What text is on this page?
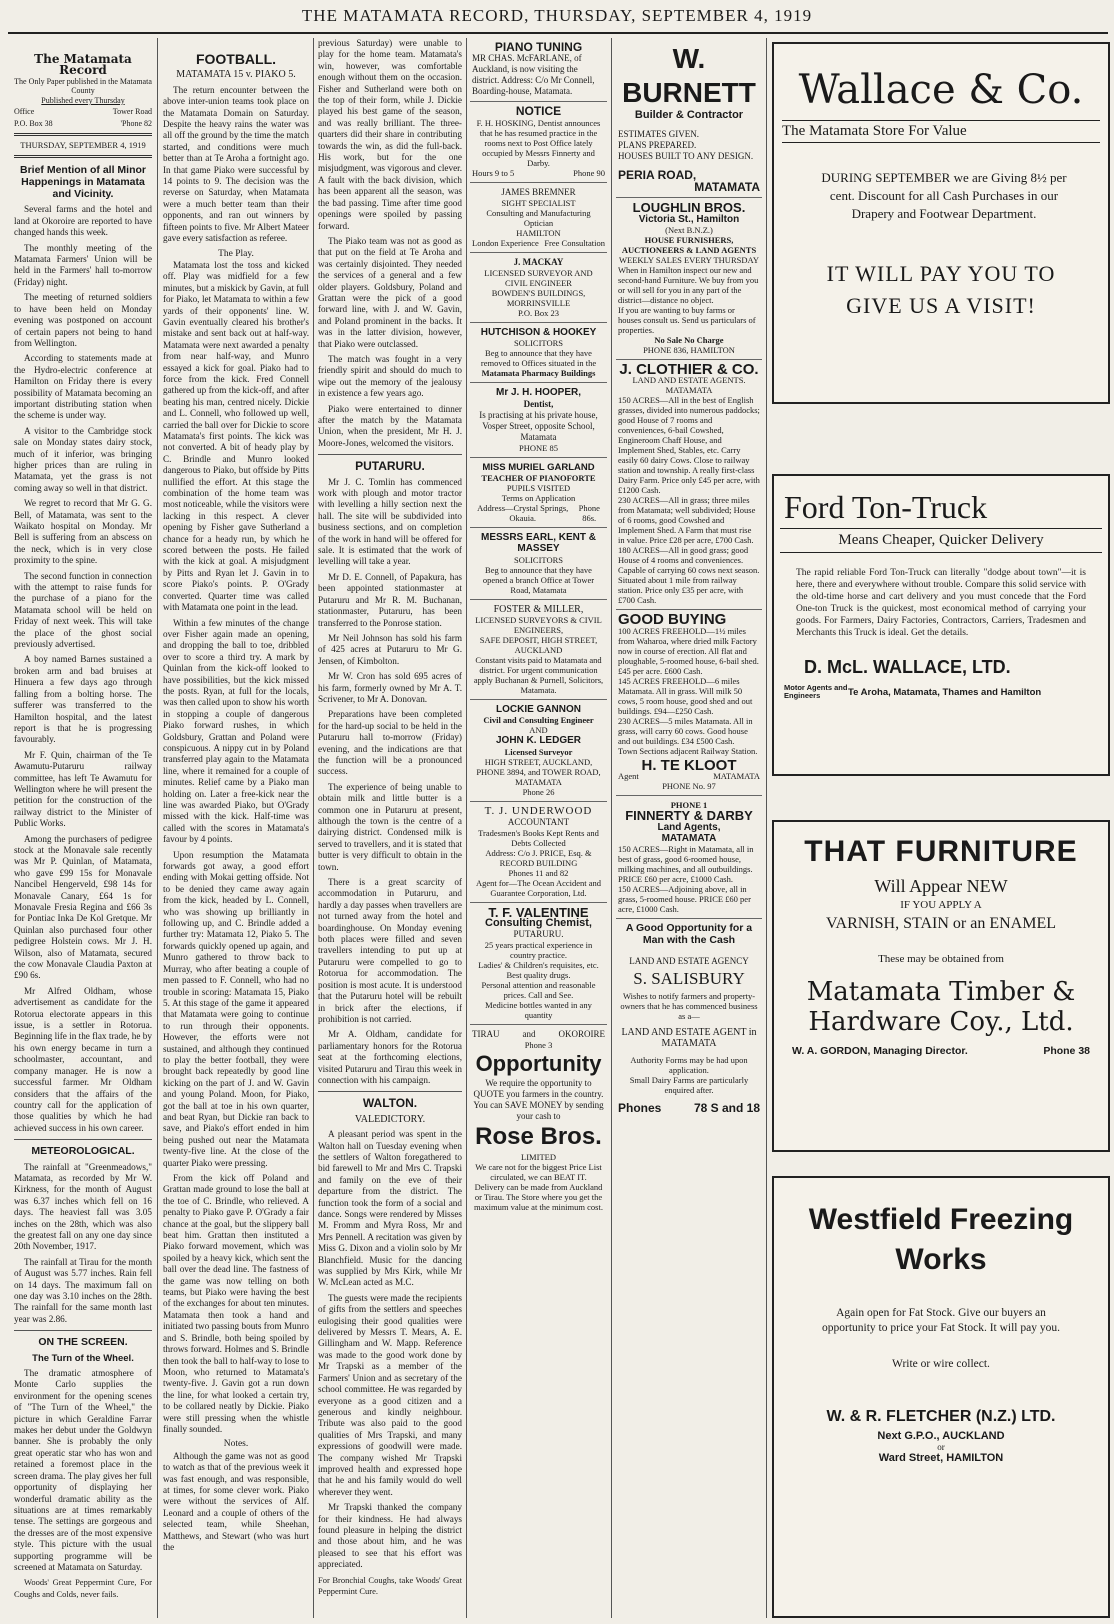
THE MATAMATA RECORD, THURSDAY, SEPTEMBER 4, 1919
The Matamata Record
The Only Paper published in the Matamata County
Published every Thursday
Office	Tower Road
P.O. Box 38	'Phone 82
THURSDAY, SEPTEMBER 4, 1919
Brief Mention of all Minor Happenings in Matamata and Vicinity.

Several farms and the hotel and land at Okoroire are reported to have changed hands this week.

The monthly meeting of the Matamata Farmers' Union will be held in the Farmers' hall to-morrow (Friday) night.

The meeting of returned soldiers to have been held on Monday evening was postponed on account of certain papers not being to hand from Wellington.

According to statements made at the Hydro-electric conference at Hamilton on Friday there is every possibility of Matamata becoming an important distributing station when the scheme is under way.

A visitor to the Cambridge stock sale on Monday states dairy stock, much of it inferior, was bringing higher prices than are ruling in Matamata, yet the grass is not coming away so well in that district.

We regret to record that Mr G. G. Bell, of Matamata, was sent to the Waikato hospital on Monday. Mr Bell is suffering from an abscess on the neck, which is in very close proximity to the spine.

The second function in connection with the attempt to raise funds for the purchase of a piano for the Matamata school will be held on Friday of next week. This will take the place of the ghost social previously advertised.

A boy named Barnes sustained a broken arm and bad bruises at Hinuera a few days ago through falling from a bolting horse. The sufferer was transferred to the Hamilton hospital, and the latest report is that he is progressing favourably.

Mr F. Quin, chairman of the Te Awamutu-Putaruru railway committee, has left Te Awamutu for Wellington where he will present the petition for the construction of the railway district to the Minister of Public Works.

Among the purchasers of pedigree stock at the Monavale sale recently was Mr P. Quinlan, of Matamata, who gave £99 15s for Monavale Nancibel Hengerveld, £98 14s for Monavale Canary, £64 1s for Monavale Fresia Regina and £66 3s for Pontiac Inka De Kol Gretque. Mr Quinlan also purchased four other pedigree Holstein cows. Mr J. H. Wilson, also of Matamata, secured the cow Monavale Claudia Paxton at £90 6s.

Mr Alfred Oldham, whose advertisement as candidate for the Rotorua electorate appears in this issue, is a settler in Rotorua. Beginning life in the flax trade, he by his own energy became in turn a schoolmaster, accountant, and company manager. He is now a successful farmer. Mr Oldham considers that the affairs of the country call for the application of those qualities by which he had achieved success in his own career.

METEOROLOGICAL.

The rainfall at "Greenmeadows," Matamata, as recorded by Mr W. Kirkness, for the month of August was 6.37 inches which fell on 16 days. The heaviest fall was 3.05 inches on the 28th, which was also the greatest fall on any one day since 20th November, 1917.

The rainfall at Tirau for the month of August was 5.77 inches. Rain fell on 14 days. The maximum fall on one day was 3.10 inches on the 28th. The rainfall for the same month last year was 2.86.

ON THE SCREEN.
The Turn of the Wheel.

The dramatic atmosphere of Monte Carlo supplies the environment for the opening scenes of "The Turn of the Wheel," the picture in which Geraldine Farrar makes her debut under the Goldwyn banner. She is probably the only great operatic star who has won and retained a foremost place in the screen drama. The play gives her full opportunity of displaying her wonderful dramatic ability as the situations are at times remarkably tense. The settings are gorgeous and the dresses are of the most expensive style. This picture with the usual supporting programme will be screened at Matamata on Saturday.

Woods' Great Peppermint Cure, For Coughs and Colds, never fails.

FOOTBALL.
MATAMATA 15 v. PIAKO 5.

The return encounter between the above inter-union teams took place on the Matamata Domain on Saturday. Despite the heavy rains the water was all off the ground by the time the match started, and conditions were much better than at Te Aroha a fortnight ago. In that game Piako were successful by 14 points to 9. The decision was the reverse on Saturday, when Matamata were a much better team than their opponents, and ran out winners by fifteen points to five. Mr Albert Mateer gave every satisfaction as referee.

The Play.

Matamata lost the toss and kicked off. Play was midfield for a few minutes, but a miskick by Gavin, at full for Piako, let Matamata to within a few yards of their opponents' line. W. Gavin eventually cleared his brother's mistake and sent back out at half-way. Matamata were next awarded a penalty from near half-way, and Munro essayed a kick for goal. Piako had to force from the kick. Fred Connell gathered up from the kick-off, and after beating his man, centred nicely. Dickie and L. Connell, who followed up well, carried the ball over for Dickie to score Matamata's first points. The kick was not converted. A bit of heady play by C. Brindle and Munro looked dangerous to Piako, but offside by Pitts nullified the effort. At this stage the combination of the home team was most noticeable, while the visitors were lacking in this respect. A clever opening by Fisher gave Sutherland a chance for a heady run, by which he scored between the posts. He failed with the kick at goal. A misjudgment by Pitts and Ryan let J. Gavin in to score Piako's points. P. O'Grady converted. Quarter time was called with Matamata one point in the lead.

Within a few minutes of the change over Fisher again made an opening, and dropping the ball to toe, dribbled over to score a third try. A mark by Quinlan from the kick-off looked to have possibilities, but the kick missed the posts. Ryan, at full for the locals, was then called upon to show his worth in stopping a couple of dangerous Piako forward rushes, in which Goldsbury, Grattan and Poland were conspicuous. A nippy cut in by Poland transferred play again to the Matamata line, where it remained for a couple of minutes. Relief came by a Piako man holding on. Later a free-kick near the line was awarded Piako, but O'Grady missed with the kick. Half-time was called with the scores in Matamata's favour by 4 points.

Upon resumption the Matamata forwards got away, a good effort ending with Mokai getting offside. Not to be denied they came away again from the kick, headed by L. Connell, who was showing up brilliantly in following up, and C. Brindle added a further try: Matamata 12, Piako 5. The forwards quickly opened up again, and Munro gathered to throw back to Murray, who after beating a couple of men passed to F. Connell, who had no trouble in scoring: Matamata 15, Piako 5. At this stage of the game it appeared that Matamata were going to continue to run through their opponents. However, the efforts were not sustained, and although they continued to play the better football, they were brought back repeatedly by good line kicking on the part of J. and W. Gavin and young Poland. Moon, for Piako, got the ball at toe in his own quarter, and beat Ryan, but Dickie ran back to save, and Piako's effort ended in him being pushed out near the Matamata twenty-five line. At the close of the quarter Piako were pressing.

From the kick off Poland and Grattan made ground to lose the ball at the toe of C. Brindle, who relieved. A penalty to Piako gave P. O'Grady a fair chance at the goal, but the slippery ball beat him. Grattan then instituted a Piako forward movement, which was spoiled by a heavy kick, which sent the ball over the dead line. The fastness of the game was now telling on both teams, but Piako were having the best of the exchanges for about ten minutes. Matamata then took a hand and initiated two passing bouts from Munro and S. Brindle, both being spoiled by throws forward. Holmes and S. Brindle then took the ball to half-way to lose to Moon, who returned to Matamata's twenty-five. J. Gavin got a run down the line, for what looked a certain try, to be collared neatly by Dickie. Piako were still pressing when the whistle finally sounded.

Notes.

Although the game was not as good to watch as that of the previous week it was fast enough, and was responsible, at times, for some clever work. Piako were without the services of Alf. Leonard and a couple of others of the selected team, while Sheehan, Matthews, and Stewart (who was hurt the

previous Saturday) were unable to play for the home team. Matamata's win, however, was comfortable enough without them on the occasion. Fisher and Sutherland were both on the top of their form, while J. Dickie played his best game of the season, and was really brilliant. The three-quarters did their share in contributing towards the win, as did the full-back. His work, but for the one misjudgment, was vigorous and clever. A fault with the back division, which has been apparent all the season, was the bad passing. Time after time good openings were spoiled by passing forward.

The Piako team was not as good as that put on the field at Te Aroha and was certainly disjointed. They needed the services of a general and a few older players. Goldsbury, Poland and Grattan were the pick of a good forward line, with J. and W. Gavin, and Poland prominent in the backs. It was in the latter division, however, that Piako were outclassed.

The match was fought in a very friendly spirit and should do much to wipe out the memory of the jealousy in existence a few years ago.

Piako were entertained to dinner after the match by the Matamata Union, when the president, Mr H. J. Moore-Jones, welcomed the visitors.

PUTARURU.

Mr J. C. Tomlin has commenced work with plough and motor tractor with levelling a hilly section next the hall. The site will be subdivided into business sections, and on completion of the work in hand will be offered for sale. It is estimated that the work of levelling will take a year.

Mr D. E. Connell, of Papakura, has been appointed stationmaster at Putaruru and Mr R. M. Buchanan, stationmaster, Putaruru, has been transferred to the Ponrose station.

Mr Neil Johnson has sold his farm of 425 acres at Putaruru to Mr G. Jensen, of Kimbolton.

Mr W. Cron has sold 695 acres of his farm, formerly owned by Mr A. T. Scrivener, to Mr A. Donovan.

Preparations have been completed for the hard-up social to be held in the Putaruru hall to-morrow (Friday) evening, and the indications are that the function will be a pronounced success.

The experience of being unable to obtain milk and little butter is a common one in Putaruru at present, although the town is the centre of a dairying district. Condensed milk is served to travellers, and it is stated that butter is very difficult to obtain in the town.

There is a great scarcity of accommodation in Putaruru, and hardly a day passes when travellers are not turned away from the hotel and boardinghouse. On Monday evening both places were filled and seven travellers intending to put up at Putaruru were compelled to go to Rotorua for accommodation. The position is most acute. It is understood that the Putaruru hotel will be rebuilt in brick after the elections, if prohibition is not carried.

Mr A. Oldham, candidate for parliamentary honors for the Rotorua seat at the forthcoming elections, visited Putaruru and Tirau this week in connection with his campaign.

WALTON.
VALEDICTORY.

A pleasant period was spent in the Walton hall on Tuesday evening when the settlers of Walton foregathered to bid farewell to Mr and Mrs C. Trapski and family on the eve of their departure from the district. The function took the form of a social and dance. Songs were rendered by Misses M. Fromm and Myra Ross, Mr and Mrs Pennell. A recitation was given by Miss G. Dixon and a violin solo by Mr Blanchfield. Music for the dancing was supplied by Mrs Kirk, while Mr W. McLean acted as M.C.

The guests were made the recipients of gifts from the settlers and speeches eulogising their good qualities were delivered by Messrs T. Mears, A. E. Gillingham and W. Mapp. Reference was made to the good work done by Mr Trapski as a member of the Farmers' Union and as secretary of the school committee. He was regarded by everyone as a good citizen and a generous and kindly neighbour. Tribute was also paid to the good qualities of Mrs Trapski, and many expressions of goodwill were made. The company wished Mr Trapski improved health and expressed hope that he and his family would do well wherever they went.

Mr Trapski thanked the company for their kindness. He had always found pleasure in helping the district and those about him, and he was pleased to see that his effort was appreciated.

For Bronchial Coughs, take Woods' Great Peppermint Cure.

PIANO TUNING
MR CHAS. McFARLANE, of Auckland, is now visiting the district. Address: C/o Mr Connell, Boarding-house, Matamata.
NOTICE
F. H. HOSKING, Dentist announces that he has resumed practice in the rooms next to Post Office lately occupied by Messrs Finnerty and Darby.
Hours 9 to 5	Phone 90
JAMES BREMNER
SIGHT SPECIALIST
Consulting and Manufacturing Optician
HAMILTON
London Experience Free Consultation
J. MACKAY
LICENSED SURVEYOR AND CIVIL ENGINEER
BOWDEN'S BUILDINGS, MORRINSVILLE
P.O. Box 23
HUTCHISON & HOOKEY
SOLICITORS
Beg to announce that they have removed to Offices situated in the
Matamata Pharmacy Buildings
Mr J. H. HOOPER,
Dentist,
Is practising at his private house, Vosper Street, opposite School, Matamata
PHONE 85
MISS MURIEL GARLAND
TEACHER OF PIANOFORTE
PUPILS VISITED
Terms on Application
Address—Crystal Springs, Okauia.
Phone 86s.
MESSRS EARL, KENT & MASSEY
SOLICITORS
Beg to announce that they have opened a branch Office at Tower Road, Matamata
FOSTER & MILLER,
LICENSED SURVEYORS & CIVIL ENGINEERS,
SAFE DEPOSIT, HIGH STREET, AUCKLAND
Constant visits paid to Matamata and district. For urgent communication apply Buchanan & Purnell, Solicitors, Matamata.
LOCKIE GANNON
Civil and Consulting Engineer
AND
JOHN K. LEDGER
Licensed Surveyor
HIGH STREET, AUCKLAND, PHONE 3894, and TOWER ROAD, MATAMATA
Phone 26
T. J. UNDERWOOD
ACCOUNTANT
Tradesmen's Books Kept Rents and Debts Collected
Address: C/o J. PRICE, Esq. & RECORD BUILDING
Phones 11 and 82
Agent for—The Ocean Accident and Guarantee Corporation, Ltd.
T. F. VALENTINE
Consulting Chemist,
PUTARURU.
25 years practical experience in country practice.
Ladies' & Children's requisites, etc.
Best quality drugs.
Personal attention and reasonable prices. Call and See.
Medicine bottles wanted in any quantity
TIRAU	and	OKOROIRE
Phone 3
Opportunity
We require the opportunity to QUOTE you farmers in the country.
You can SAVE MONEY by sending your cash to
Rose Bros.
LIMITED
We care not for the biggest Price List circulated, we can BEAT IT.
Delivery can be made from Auckland or Tirau. The Store where you get the maximum value at the minimum cost.
W. BURNETT
Builder & Contractor
ESTIMATES GIVEN.
PLANS PREPARED.
HOUSES BUILT TO ANY DESIGN.
PERIA ROAD,
MATAMATA
LOUGHLIN BROS.
Victoria St., Hamilton
(Next B.N.Z.)
HOUSE FURNISHERS, AUCTIONEERS & LAND AGENTS
WEEKLY SALES EVERY THURSDAY
When in Hamilton inspect our new and second-hand Furniture. We buy from you or will sell for you in any part of the district—distance no object.
If you are wanting to buy farms or houses consult us. Send us particulars of properties.
No Sale No Charge
PHONE 836, HAMILTON
J. CLOTHIER & CO.
LAND AND ESTATE AGENTS.
MATAMATA
150 ACRES—All in the best of English grasses, divided into numerous paddocks; good House of 7 rooms and conveniences, 6-bail Cowshed, Engineroom Chaff House, and Implement Shed, Stables, etc. Carry easily 60 dairy Cows. Close to railway station and township. A really first-class Dairy Farm. Price only £45 per acre, with £1200 Cash.
230 ACRES—All in grass; three miles from Matamata; well subdivided; House of 6 rooms, good Cowshed and Implement Shed. A Farm that must rise in value. Price £28 per acre, £700 Cash.
180 ACRES—All in good grass; good House of 4 rooms and conveniences. Capable of carrying 60 cows next season. Situated about 1 mile from railway station. Price only £35 per acre, with £700 Cash.
GOOD BUYING
100 ACRES FREEHOLD—1½ miles from Waharoa, where dried milk Factory now in course of erection. All flat and ploughable, 5-roomed house, 6-bail shed. £45 per acre. £600 Cash.
145 ACRES FREEHOLD—6 miles Matamata. All in grass. Will milk 50 cows, 5 room house, good shed and out buildings. £94—£250 Cash.
230 ACRES—5 miles Matamata. All in grass, will carry 60 cows. Good house and out buildings. £34 £500 Cash.
Town Sections adjacent Railway Station.
H. TE KLOOT
Agent	MATAMATA
PHONE No. 97
PHONE 1
FINNERTY & DARBY
Land Agents,
MATAMATA
150 ACRES—Right in Matamata, all in best of grass, good 6-roomed house, milking machines, and all outbuildings. PRICE £60 per acre, £1000 Cash.
150 ACRES—Adjoining above, all in grass, 5-roomed house. PRICE £60 per acre, £1000 Cash.
A Good Opportunity for a Man with the Cash
LAND AND ESTATE AGENCY
S. SALISBURY
Wishes to notify farmers and property-owners that he has commenced business as a—
LAND AND ESTATE AGENT in MATAMATA
Authority Forms may be had upon application.
Small Dairy Farms are particularly enquired after.
Phones	78 S and 18
Wallace & Co.
The Matamata Store For Value
DURING SEPTEMBER we are Giving 8½ per cent. Discount for all Cash Purchases in our Drapery and Footwear Department.
IT WILL PAY YOU TO
GIVE US A VISIT!
Ford Ton-Truck
Means Cheaper, Quicker Delivery
The rapid reliable Ford Ton-Truck can literally "dodge about town"—it is here, there and everywhere without trouble. Compare this solid service with the old-time horse and cart delivery and you must concede that the Ford One-ton Truck is the quickest, most economical method of carrying your goods. For Farmers, Dairy Factories, Contractors, Carriers, Tradesmen and Merchants this Truck is ideal. Get the details.
D. McL. WALLACE, LTD.
Motor Agents and Engineers	Te Aroha, Matamata, Thames and Hamilton
THAT FURNITURE
Will Appear NEW
IF YOU APPLY A
VARNISH, STAIN or an ENAMEL
These may be obtained from
Matamata Timber &
Hardware Coy., Ltd.
W. A. GORDON, Managing Director.	Phone 38
Westfield Freezing
Works
Again open for Fat Stock. Give our buyers an opportunity to price your Fat Stock. It will pay you.
Write or wire collect.
W. & R. FLETCHER (N.Z.) LTD.
Next G.P.O., AUCKLAND
or
Ward Street, HAMILTON
